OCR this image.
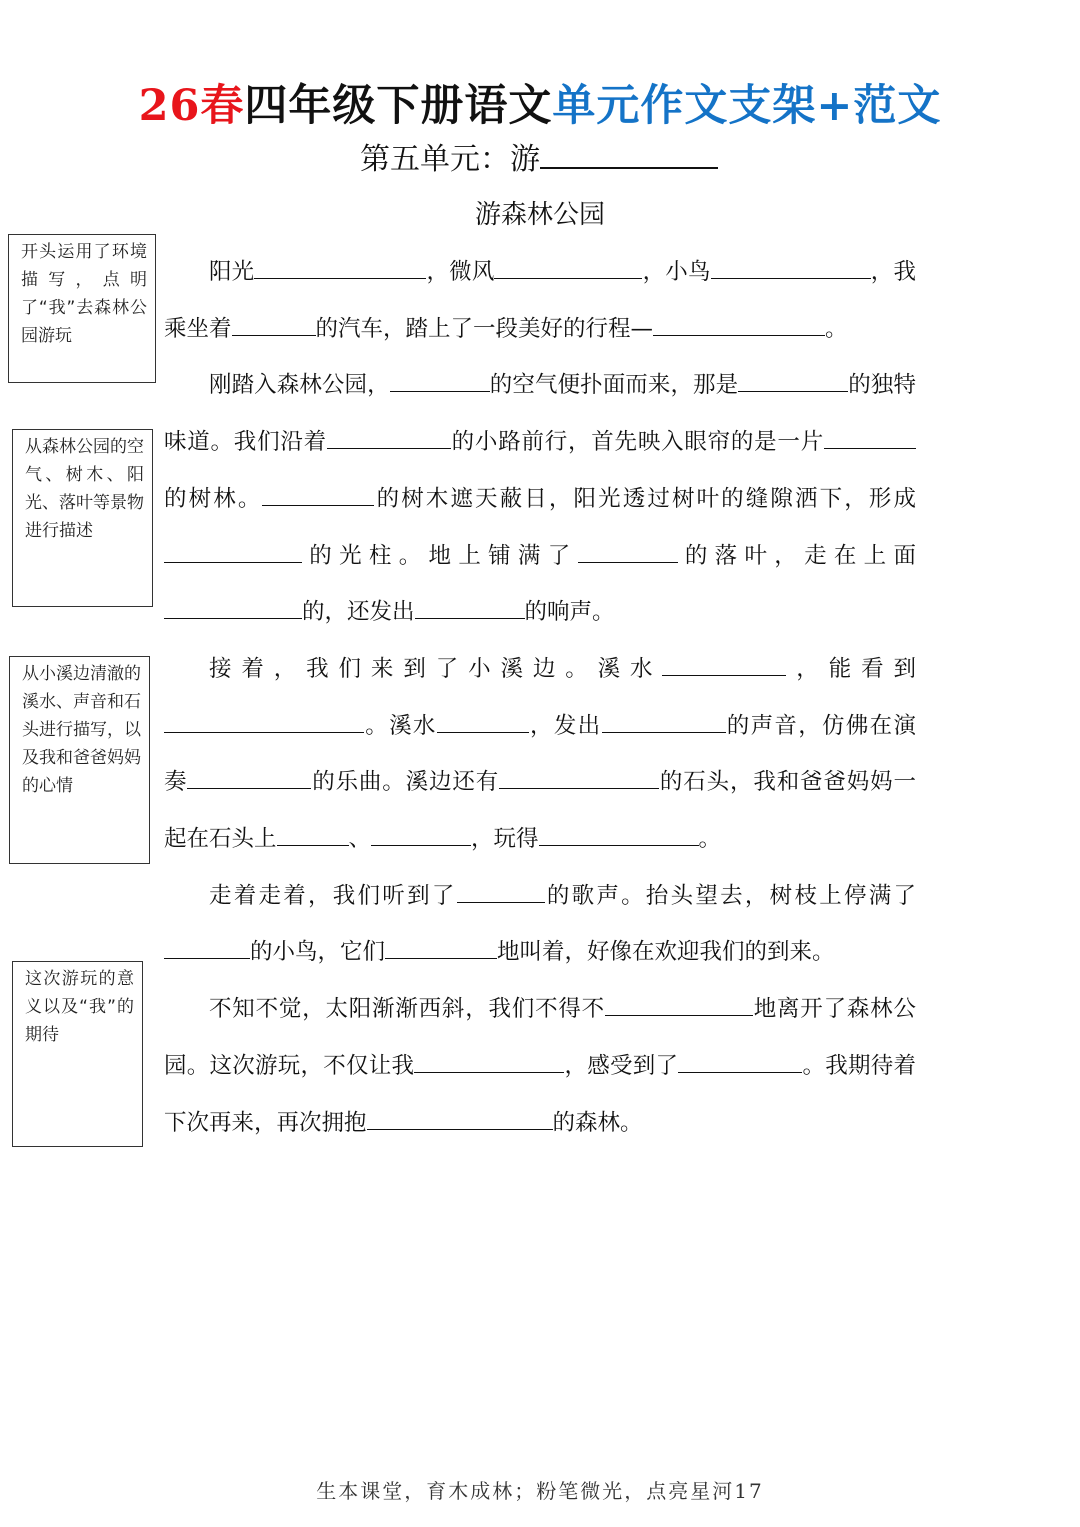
26春四年级下册语文单元作文支架+范文
第五单元：游
游森林公园
开头运用了环境描写，点明了“我”去森林公园游玩
从森林公园的空气、树木、阳光、落叶等景物进行描述
从小溪边清澈的溪水、声音和石头进行描写，以及我和爸爸妈妈的心情
这次游玩的意义以及“我”的期待

阳光	，微风	，小鸟	，我乘坐着	的汽车，踏上了一段美好的行程—	。

刚踏入森林公园，	的空气便扑面而来，那是	的独特味道。我们沿着	的小路前行，首先映入眼帘的是一片的树林。	的树木遮天蔽日，阳光透过树叶的缝隙洒下，形成的光柱。地上铺满了	的落叶，走在上面的，还发出	的响声。

接着，我们来到了小溪边。溪水	，能看到。溪水	，发出	的声音，仿佛在演奏	的乐曲。溪边还有	的石头，我和爸爸妈妈一起在石头上	、	，玩得	。

走着走着，我们听到了	的歌声。抬头望去，树枝上停满了的小鸟，它们	地叫着，好像在欢迎我们的到来。

不知不觉，太阳渐渐西斜，我们不得不	地离开了森林公园。这次游玩，不仅让我	，感受到了	。我期待着下次再来，再次拥抱	的森林。

生本课堂，育木成林；粉笔微光，点亮星河17
